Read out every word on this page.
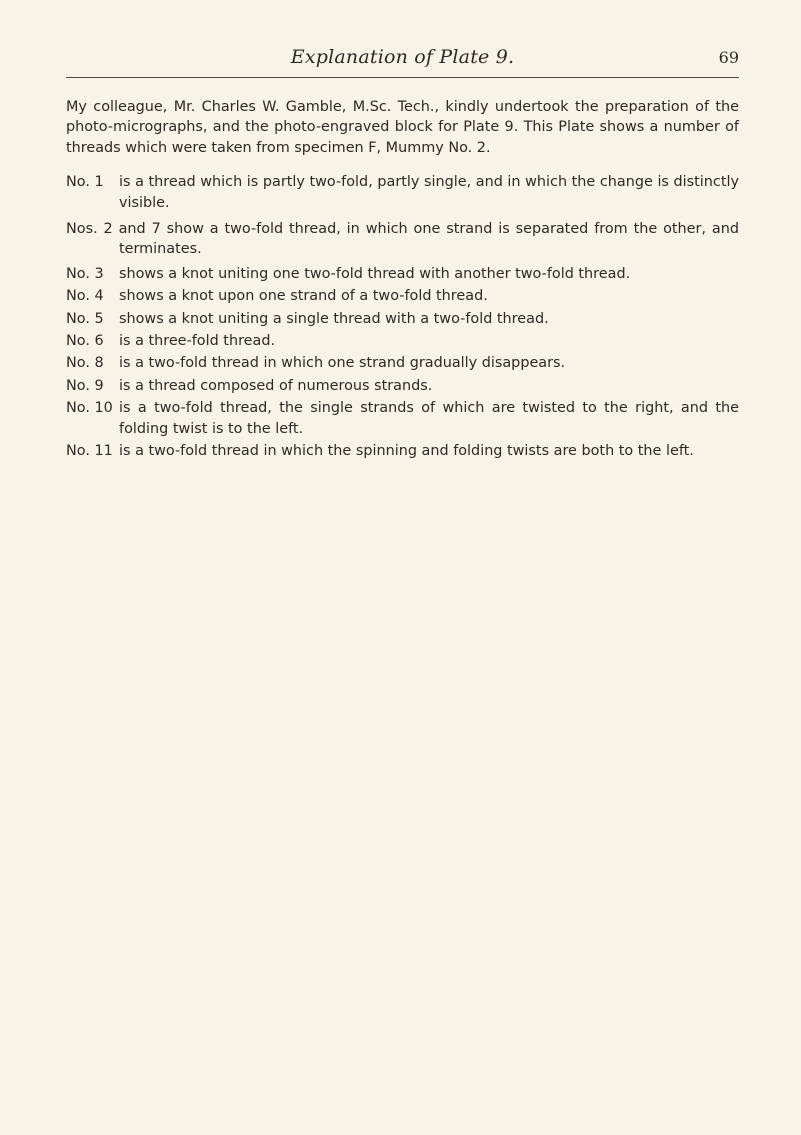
Explanation of Plate 9.	69

My colleague, Mr. Charles W. Gamble, M.Sc. Tech., kindly undertook the preparation of the photo-micrographs, and the photo-engraved block for Plate 9. This Plate shows a number of threads which were taken from specimen F, Mummy No. 2.

No. 1	is a thread which is partly two-fold, partly single, and in which the change is distinctly visible.
Nos. 2 and 7 show a two-fold thread, in which one strand is separated from the other, and terminates.
No. 3	shows a knot uniting one two-fold thread with another two-fold thread.
No. 4	shows a knot upon one strand of a two-fold thread.
No. 5	shows a knot uniting a single thread with a two-fold thread.
No. 6	is a three-fold thread.
No. 8	is a two-fold thread in which one strand gradually disappears.
No. 9	is a thread composed of numerous strands.
No. 10 is a two-fold thread, the single strands of which are twisted to the right, and the folding twist is to the left.
No. 11 is a two-fold thread in which the spinning and folding twists are both to the left.
